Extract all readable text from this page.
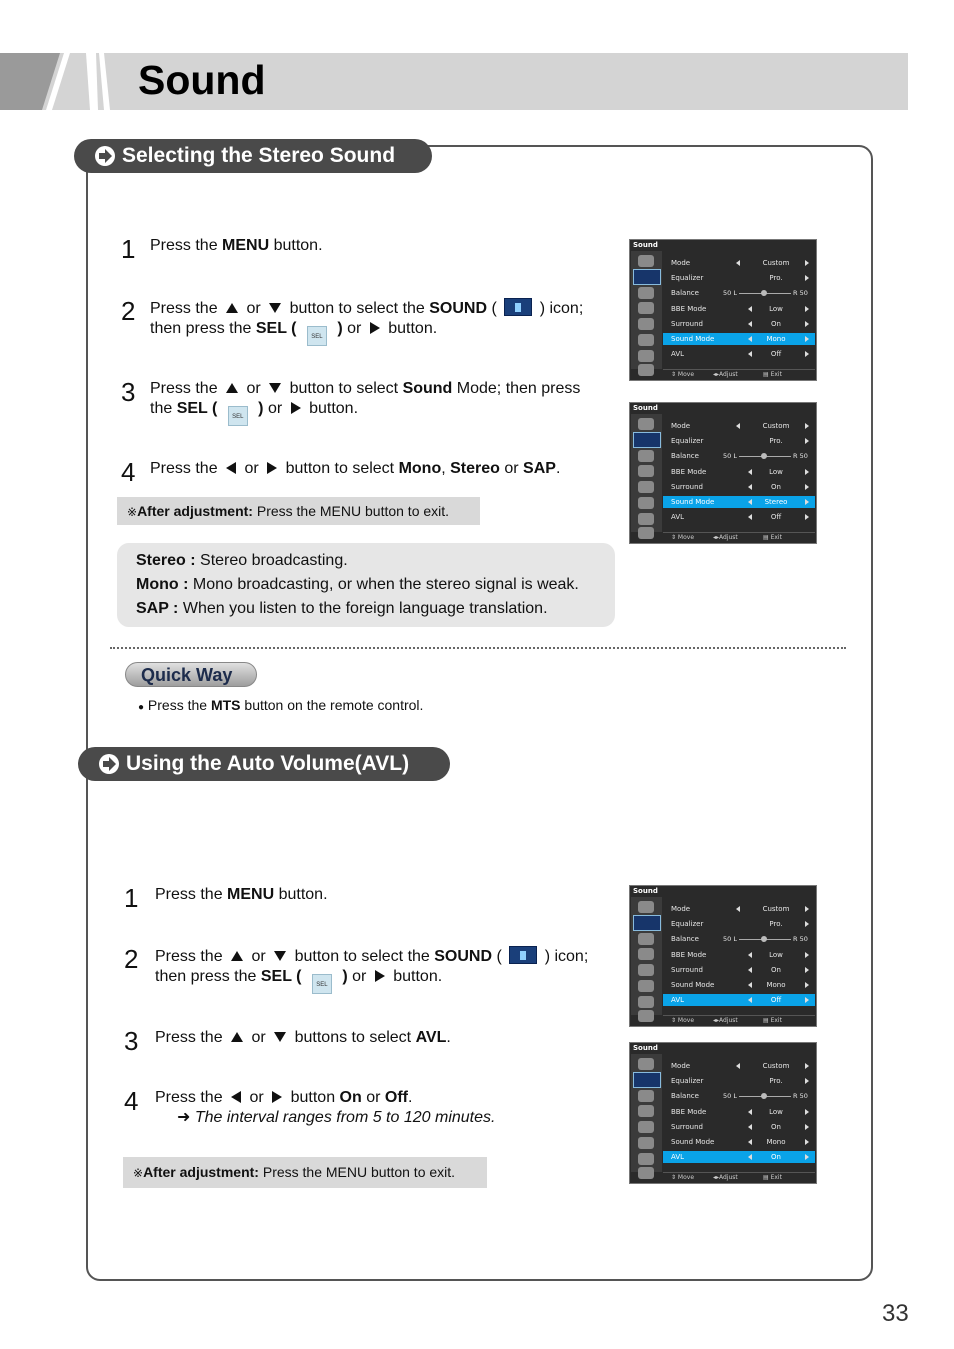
Sound
Selecting the Stereo Sound
1 Press the MENU button.
2 Press the  or  button to select the SOUND (  ) icon;
then press the SEL ( SEL ) or  button.
3 Press the  or  button to select Sound Mode; then press
the SEL ( SEL ) or  button.
4 Press the  or  button to select Mono, Stereo or SAP.
※After adjustment: Press the MENU button to exit.
Stereo : Stereo broadcasting.
Mono : Mono broadcasting, or when the stereo signal is weak.
SAP : When you listen to the foreign language translation.
Quick Way
● Press the MTS button on the remote control.
Using the Auto Volume(AVL)
1 Press the MENU button.
2 Press the  or  button to select the SOUND (  ) icon;
then press the SEL ( SEL ) or  button.
3 Press the  or  buttons to select AVL.
4 Press the  or  button On or Off.
➜ The interval ranges from 5 to 120 minutes.
※After adjustment: Press the MENU button to exit.
Sound
Mode	Custom
Equalizer	Pro.
Balance	50 L	R 50
BBE Mode	Low
Surround	On
Sound Mode	Mono
AVL	Off
⇕ Move	◂▸Adjust	▤ Exit
Sound
Mode	Custom
Equalizer	Pro.
Balance	50 L	R 50
BBE Mode	Low
Surround	On
Sound Mode	Stereo
AVL	Off
⇕ Move	◂▸Adjust	▤ Exit
Sound
Mode	Custom
Equalizer	Pro.
Balance	50 L	R 50
BBE Mode	Low
Surround	On
Sound Mode	Mono
AVL	Off
⇕ Move	◂▸Adjust	▤ Exit
Sound
Mode	Custom
Equalizer	Pro.
Balance	50 L	R 50
BBE Mode	Low
Surround	On
Sound Mode	Mono
AVL	On
⇕ Move	◂▸Adjust	▤ Exit
33
